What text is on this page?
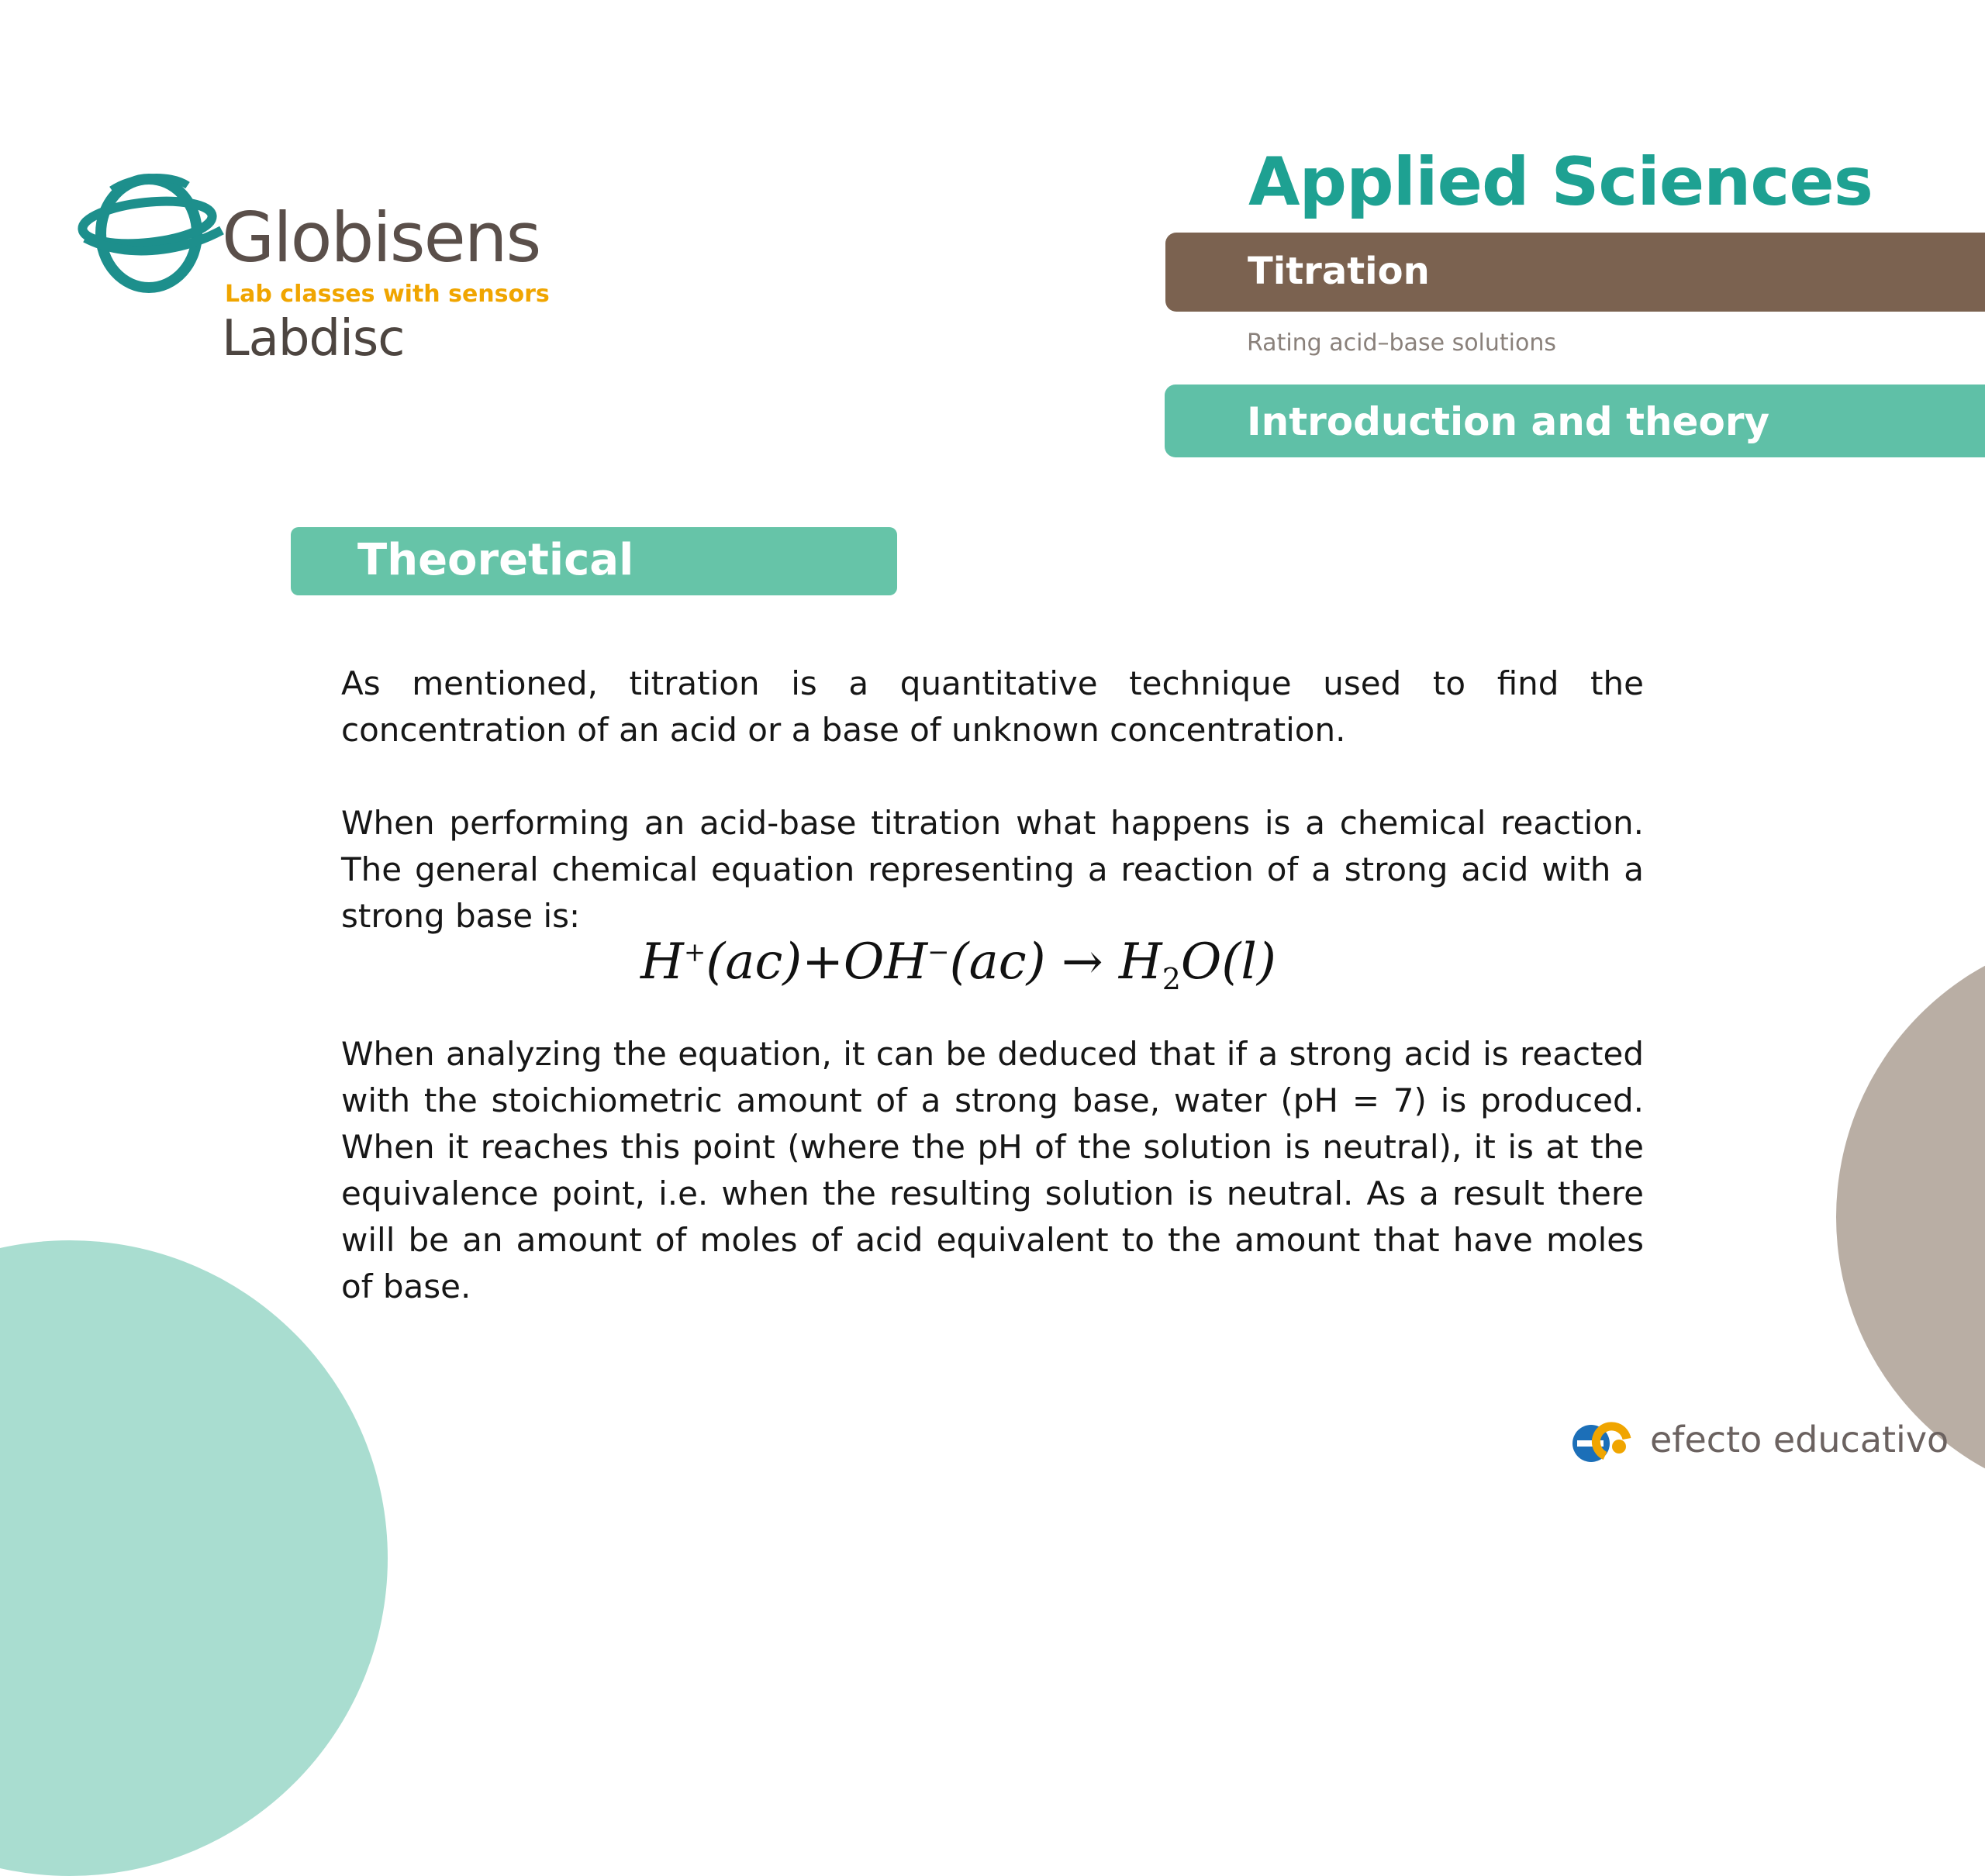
Globisens
Lab classes with sensors
Labdisc
Applied Sciences
Titration
Rating acid–base solutions
Introduction and theory
Theoretical

As mentioned, titration is a quantitative technique used to find the concentration of an acid or a base of unknown concentration.

When performing an acid-base titration what happens is a chemical reaction. The general chemical equation representing a reaction of a strong acid with a strong base is:

$H^+(ac)+OH^-(ac) \to H_2O(l)$

When analyzing the equation, it can be deduced that if a strong acid is reacted with the stoichiometric amount of a strong base, water (pH = 7) is produced. When it reaches this point (where the pH of the solution is neutral), it is at the equivalence point, i.e. when the resulting solution is neutral. As a result there will be an amount of moles of acid equivalent to the amount that have moles of base.

efecto educativo
